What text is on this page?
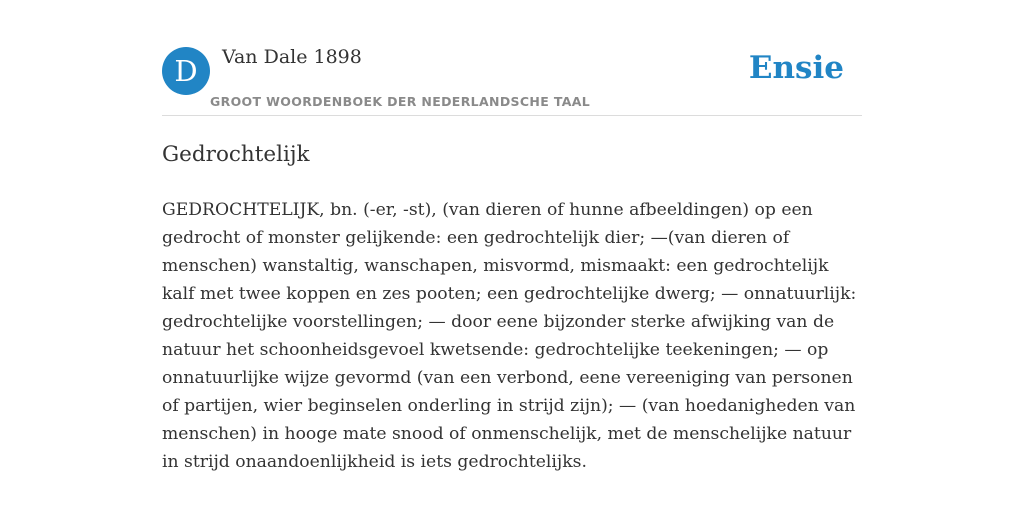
D	Van Dale 1898
GROOT WOORDENBOEK DER NEDERLANDSCHE TAAL
Ensie
Gedrochtelijk

GEDROCHTELIJK, bn. (-er, -st), (van dieren of hunne afbeeldingen) op een gedrocht of monster gelijkende: een gedrochtelijk dier; —(van dieren of menschen) wanstaltig, wanschapen, misvormd, mismaakt: een gedrochtelijk kalf met twee koppen en zes pooten; een gedrochtelijke dwerg; — onnatuurlijk: gedrochtelijke voorstellingen; — door eene bijzonder sterke afwijking van de natuur het schoonheidsgevoel kwetsende: gedrochtelijke teekeningen; — op onnatuurlijke wijze gevormd (van een verbond, eene vereeniging van personen of partijen, wier beginselen onderling in strijd zijn); — (van hoedanigheden van menschen) in hooge mate snood of onmenschelijk, met de menschelijke natuur in strijd onaandoenlijkheid is iets gedrochtelijks.
